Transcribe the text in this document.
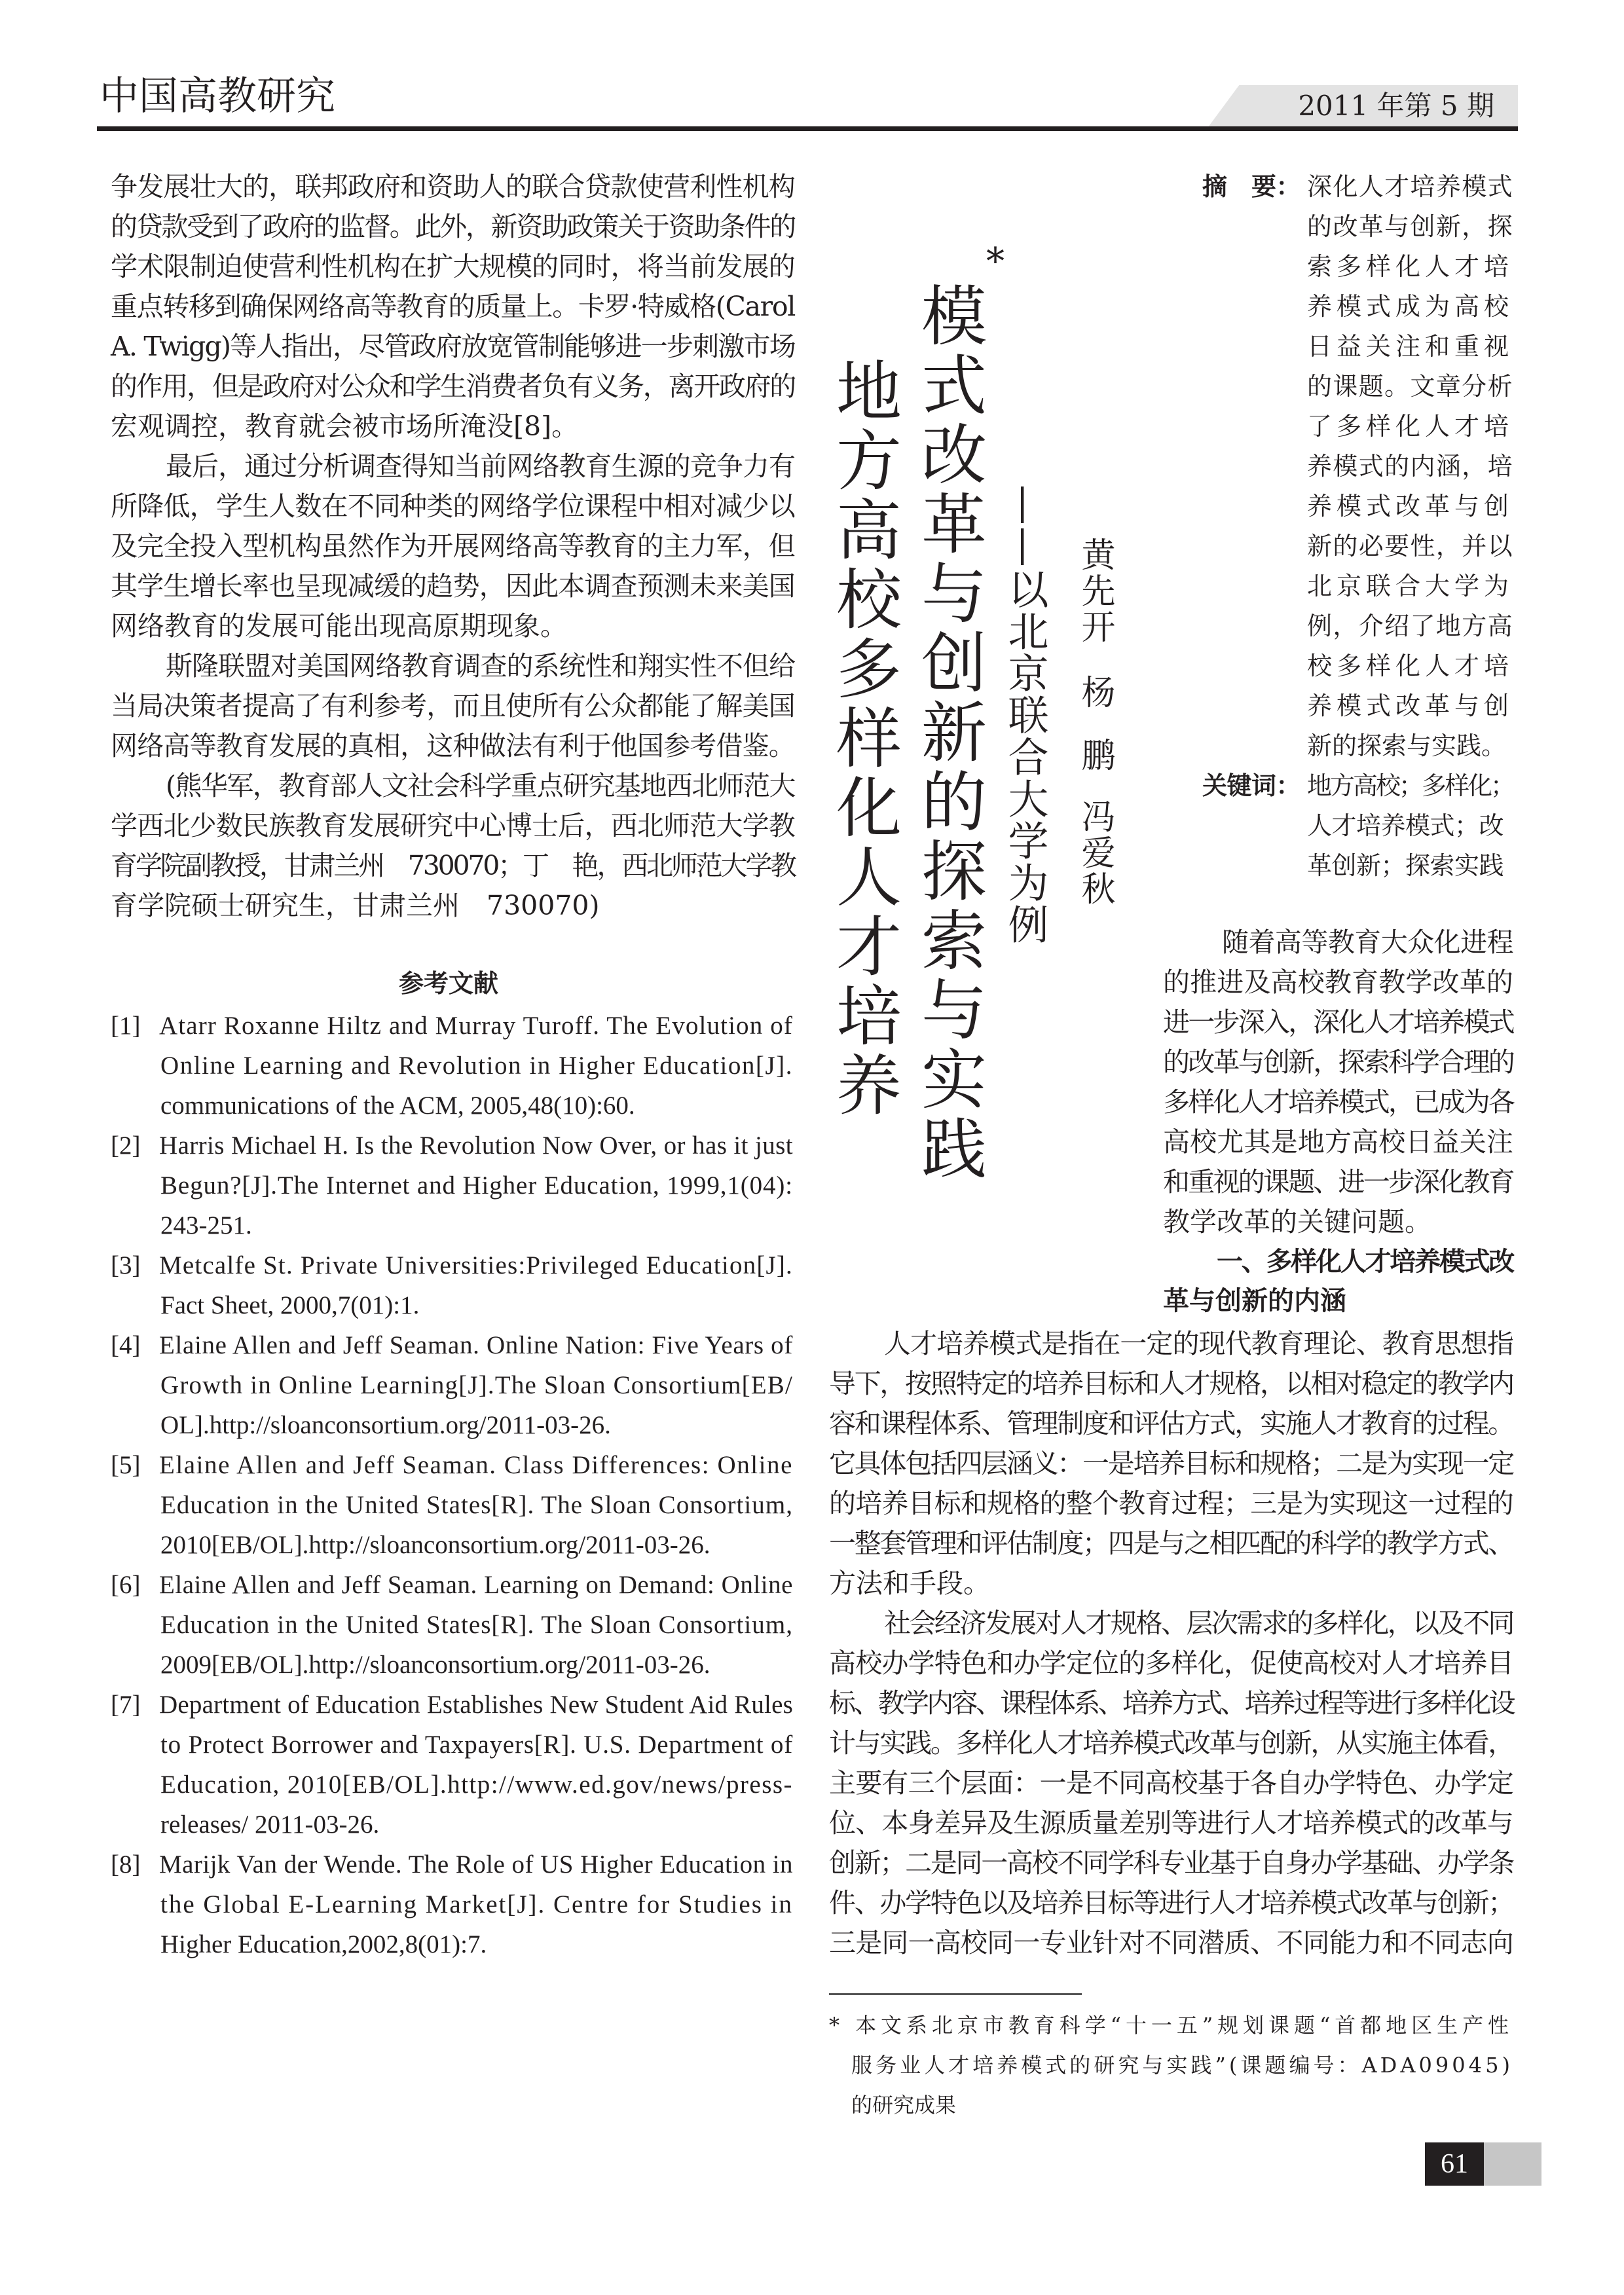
中国高教研究	2011 年第 5 期
地方高校多样化人才培养 模式改革与创新的探索与实践
*
——以北京联合大学为例 黄先开
杨　鹏
冯爱秋
摘　要：
关键词：
一、多样化人才培养模式改
革与创新的内涵
61
争发展壮大的，联邦政府和资助人的联合贷款使营利性机构
的贷款受到了政府的监督。此外，新资助政策关于资助条件的
学术限制迫使营利性机构在扩大规模的同时，将当前发展的
重点转移到确保网络高等教育的质量上。卡罗·特威格(Carol
A. Twigg)等人指出，尽管政府放宽管制能够进一步刺激市场
的作用，但是政府对公众和学生消费者负有义务，离开政府的
宏观调控，教育就会被市场所淹没[8]。
最后，通过分析调查得知当前网络教育生源的竞争力有
所降低，学生人数在不同种类的网络学位课程中相对减少以
及完全投入型机构虽然作为开展网络高等教育的主力军，但
其学生增长率也呈现减缓的趋势，因此本调查预测未来美国
网络教育的发展可能出现高原期现象。
斯隆联盟对美国网络教育调查的系统性和翔实性不但给
当局决策者提高了有利参考，而且使所有公众都能了解美国
网络高等教育发展的真相，这种做法有利于他国参考借鉴。
(熊华军，教育部人文社会科学重点研究基地西北师范大
学西北少数民族教育发展研究中心博士后，西北师范大学教
育学院副教授，甘肃兰州　730070；丁　艳，西北师范大学教
育学院硕士研究生，甘肃兰州　730070)
参考文献
[1] Atarr Roxanne Hiltz and Murray Turoff. The Evolution of
Online Learning and Revolution in Higher Education[J].
communications of the ACM, 2005,48(10):60.
[2] Harris Michael H. Is the Revolution Now Over, or has it just
Begun?[J].The Internet and Higher Education, 1999,1(04):
243-251.
[3] Metcalfe St. Private Universities:Privileged Education[J].
Fact Sheet, 2000,7(01):1.
[4] Elaine Allen and Jeff Seaman. Online Nation: Five Years of
Growth in Online Learning[J].The Sloan Consortium[EB/
OL].http://sloanconsortium.org/2011-03-26.
[5] Elaine Allen and Jeff Seaman. Class Differences: Online
Education in the United States[R]. The Sloan Consortium,
2010[EB/OL].http://sloanconsortium.org/2011-03-26.
[6] Elaine Allen and Jeff Seaman. Learning on Demand: Online
Education in the United States[R]. The Sloan Consortium,
2009[EB/OL].http://sloanconsortium.org/2011-03-26.
[7] Department of Education Establishes New Student Aid Rules
to Protect Borrower and Taxpayers[R]. U.S. Department of
Education, 2010[EB/OL].http://www.ed.gov/news/press-
releases/ 2011-03-26.
[8] Marijk Van der Wende. The Role of US Higher Education in
the Global E-Learning Market[J]. Centre for Studies in
Higher Education,2002,8(01):7.
深化人才培养模式
的改革与创新，探
索多样化人才培
养模式成为高校
日益关注和重视
的课题。文章分析
了多样化人才培
养模式的内涵，培
养模式改革与创
新的必要性，并以
北京联合大学为
例，介绍了地方高
校多样化人才培
养模式改革与创
新的探索与实践。
地方高校；多样化；
人才培养模式；改
革创新；探索实践
随着高等教育大众化进程
的推进及高校教育教学改革的
进一步深入，深化人才培养模式
的改革与创新，探索科学合理的
多样化人才培养模式，已成为各
高校尤其是地方高校日益关注
和重视的课题、进一步深化教育
教学改革的关键问题。
人才培养模式是指在一定的现代教育理论、教育思想指
导下，按照特定的培养目标和人才规格，以相对稳定的教学内
容和课程体系、管理制度和评估方式，实施人才教育的过程。
它具体包括四层涵义：一是培养目标和规格；二是为实现一定
的培养目标和规格的整个教育过程；三是为实现这一过程的
一整套管理和评估制度；四是与之相匹配的科学的教学方式、
方法和手段。
社会经济发展对人才规格、层次需求的多样化，以及不同
高校办学特色和办学定位的多样化，促使高校对人才培养目
标、教学内容、课程体系、培养方式、培养过程等进行多样化设
计与实践。多样化人才培养模式改革与创新，从实施主体看，
主要有三个层面：一是不同高校基于各自办学特色、办学定
位、本身差异及生源质量差别等进行人才培养模式的改革与
创新；二是同一高校不同学科专业基于自身办学基础、办学条
件、办学特色以及培养目标等进行人才培养模式改革与创新；
三是同一高校同一专业针对不同潜质、不同能力和不同志向
* 本文系北京市教育科学“十一五”规划课题“首都地区生产性
服务业人才培养模式的研究与实践”(课题编号：ADA09045)
的研究成果
